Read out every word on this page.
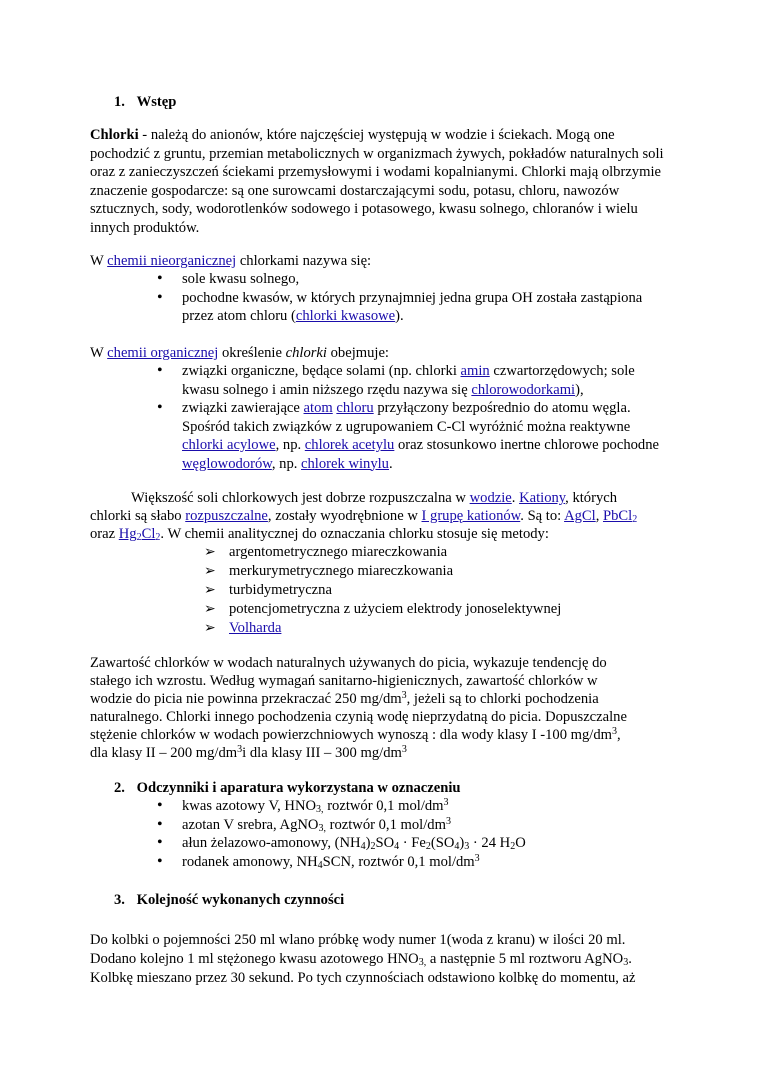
1. Wstęp

Chlorki - należą do anionów, które najczęściej występują w wodzie i ściekach. Mogą one pochodzić z gruntu, przemian metabolicznych w organizmach żywych, pokładów naturalnych soli oraz z zanieczyszczeń ściekami przemysłowymi i wodami kopalnianymi. Chlorki mają olbrzymie znaczenie gospodarcze: są one surowcami dostarczającymi sodu, potasu, chloru, nawozów sztucznych, sody, wodorotlenków sodowego i potasowego, kwasu solnego, chloranów i wielu innych produktów.

W chemii nieorganicznej chlorkami nazywa się:
• sole kwasu solnego,
• pochodne kwasów, w których przynajmniej jedna grupa OH została zastąpiona przez atom chloru (chlorki kwasowe).
W chemii organicznej określenie chlorki obejmuje:
• związki organiczne, będące solami (np. chlorki amin czwartorzędowych; sole kwasu solnego i amin niższego rzędu nazywa się chlorowodorkami),
• związki zawierające atom chloru przyłączony bezpośrednio do atomu węgla. Spośród takich związków z ugrupowaniem C-Cl wyróżnić można reaktywne chlorki acylowe, np. chlorek acetylu oraz stosunkowo inertne chlorowe pochodne węglowodorów, np. chlorek winylu.
Większość soli chlorkowych jest dobrze rozpuszczalna w wodzie. Kationy, których
chlorki są słabo rozpuszczalne, zostały wyodrębnione w I grupę kationów. Są to: AgCl, PbCl$_2$
oraz $Hg_2Cl_2$. W chemii analitycznej do oznaczania chlorku stosuje się metody:
➢ argentometrycznego miareczkowania
➢ merkurymetrycznego miareczkowania
➢ turbidymetryczna
➢ potencjometryczna z użyciem elektrody jonoselektywnej
➢ Volharda
Zawartość chlorków w wodach naturalnych używanych do picia, wykazuje tendencję do
stałego ich wzrostu. Według wymagań sanitarno-higienicznych, zawartość chlorków w
wodzie do picia nie powinna przekraczać 250 $mg/dm^3$, jeżeli są to chlorki pochodzenia
naturalnego. Chlorki innego pochodzenia czynią wodę nieprzydatną do picia. Dopuszczalne
stężenie chlorków w wodach powierzchniowych wynoszą : dla wody klasy I -100 $mg/dm^3$,
dla klasy II – 200 $mg/dm^3i$ dla klasy III – 300 $mg/dm^3$
2. Odczynniki i aparatura wykorzystana w oznaczeniu
• kwas azotowy V, $HNO_{3,}$ roztwór 0,1 mol/$dm^3$
• azotan V srebra, AgNO$_{3,}$ roztwór 0,1 mol/$dm^3$
• ałun żelazowo-amonowy, $(NH_4)_2SO_4 \cdot Fe_2(SO_4)_3 \cdot 24$ $H_2O$
• rodanek amonowy, $NH_4SCN$, roztwór 0,1 mol/$dm^3$
3. Kolejność wykonanych czynności
Do kolbki o pojemności 250 ml wlano próbkę wody numer 1(woda z kranu) w ilości 20 ml.
Dodano kolejno 1 ml stężonego kwasu azotowego $HNO_{3,}$ a następnie 5 ml roztworu AgNO$_3$.
Kolbkę mieszano przez 30 sekund. Po tych czynnościach odstawiono kolbkę do momentu, aż
